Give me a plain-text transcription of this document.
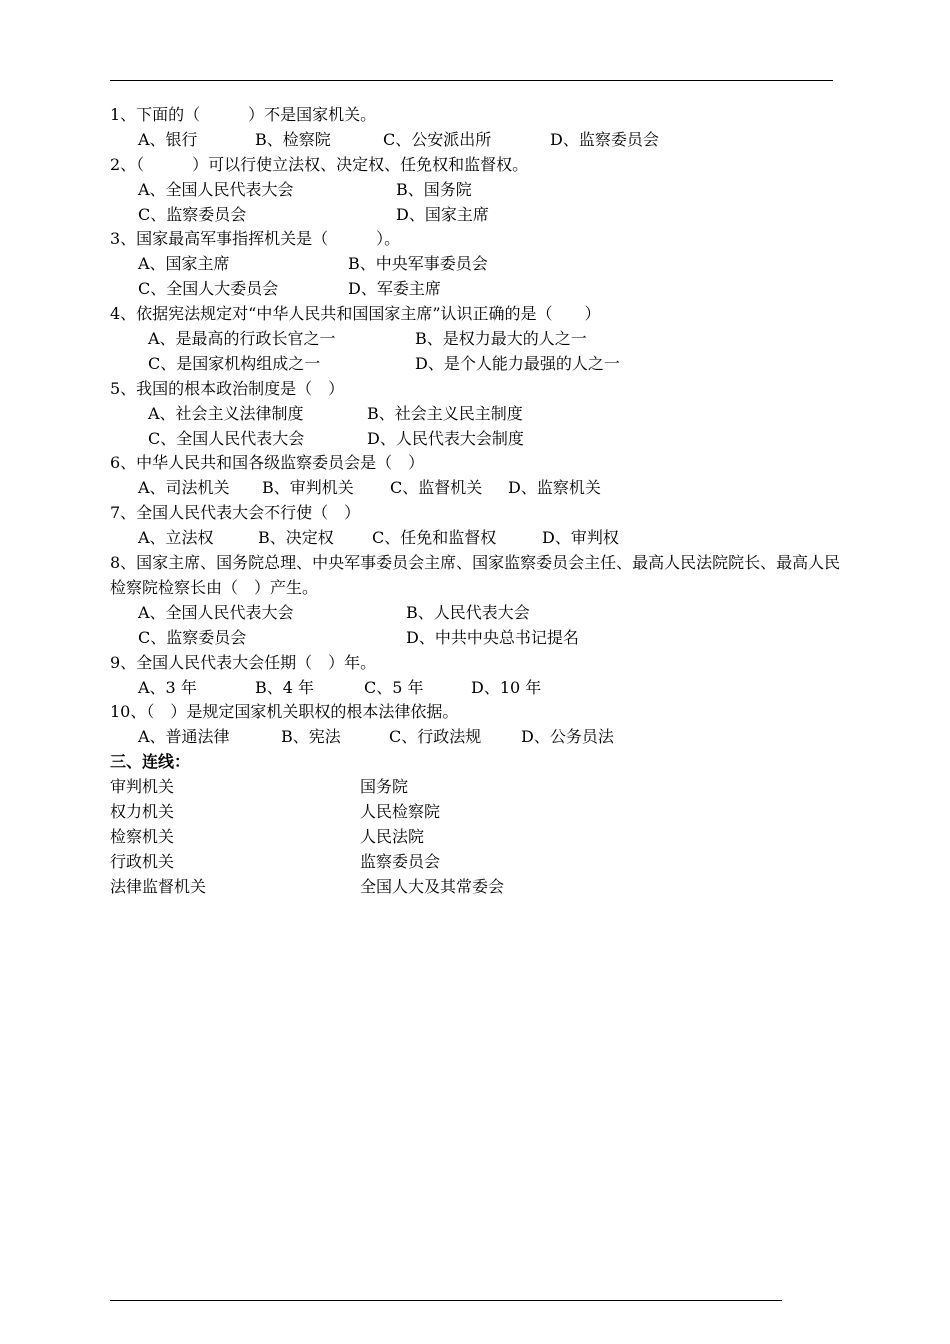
1、下面的（　　　）不是国家机关。
A、银行	B、检察院	C、公安派出所	D、监察委员会
2、（　　　）可以行使立法权、决定权、任免权和监督权。
A、全国人民代表大会	B、国务院
C、监察委员会	D、国家主席
3、国家最高军事指挥机关是（　　　）。
A、国家主席	B、中央军事委员会
C、全国人大委员会	D、军委主席
4、依据宪法规定对“中华人民共和国国家主席”认识正确的是（　　）
A、是最高的行政长官之一	B、是权力最大的人之一
C、是国家机构组成之一	D、是个人能力最强的人之一
5、我国的根本政治制度是（　）
A、社会主义法律制度	B、社会主义民主制度
C、全国人民代表大会	D、人民代表大会制度
6、中华人民共和国各级监察委员会是（　）
A、司法机关 B、审判机关 C、监督机关 D、监察机关
7、全国人民代表大会不行使（　）
A、立法权	B、决定权 C、任免和监督权	D、审判权
8、国家主席、国务院总理、中央军事委员会主席、国家监察委员会主任、最高人民法院院长、最高人民检察院检察长由（　）产生。
A、全国人民代表大会	B、人民代表大会
C、监察委员会	D、中共中央总书记提名
9、全国人民代表大会任期（　）年。
A、3 年	B、4 年	C、5 年	D、10 年
10、（　）是规定国家机关职权的根本法律依据。
A、普通法律	B、宪法	C、行政法规 D、公务员法
三、连线：
审判机关	国务院
权力机关	人民检察院
检察机关	人民法院
行政机关	监察委员会
法律监督机关	全国人大及其常委会
